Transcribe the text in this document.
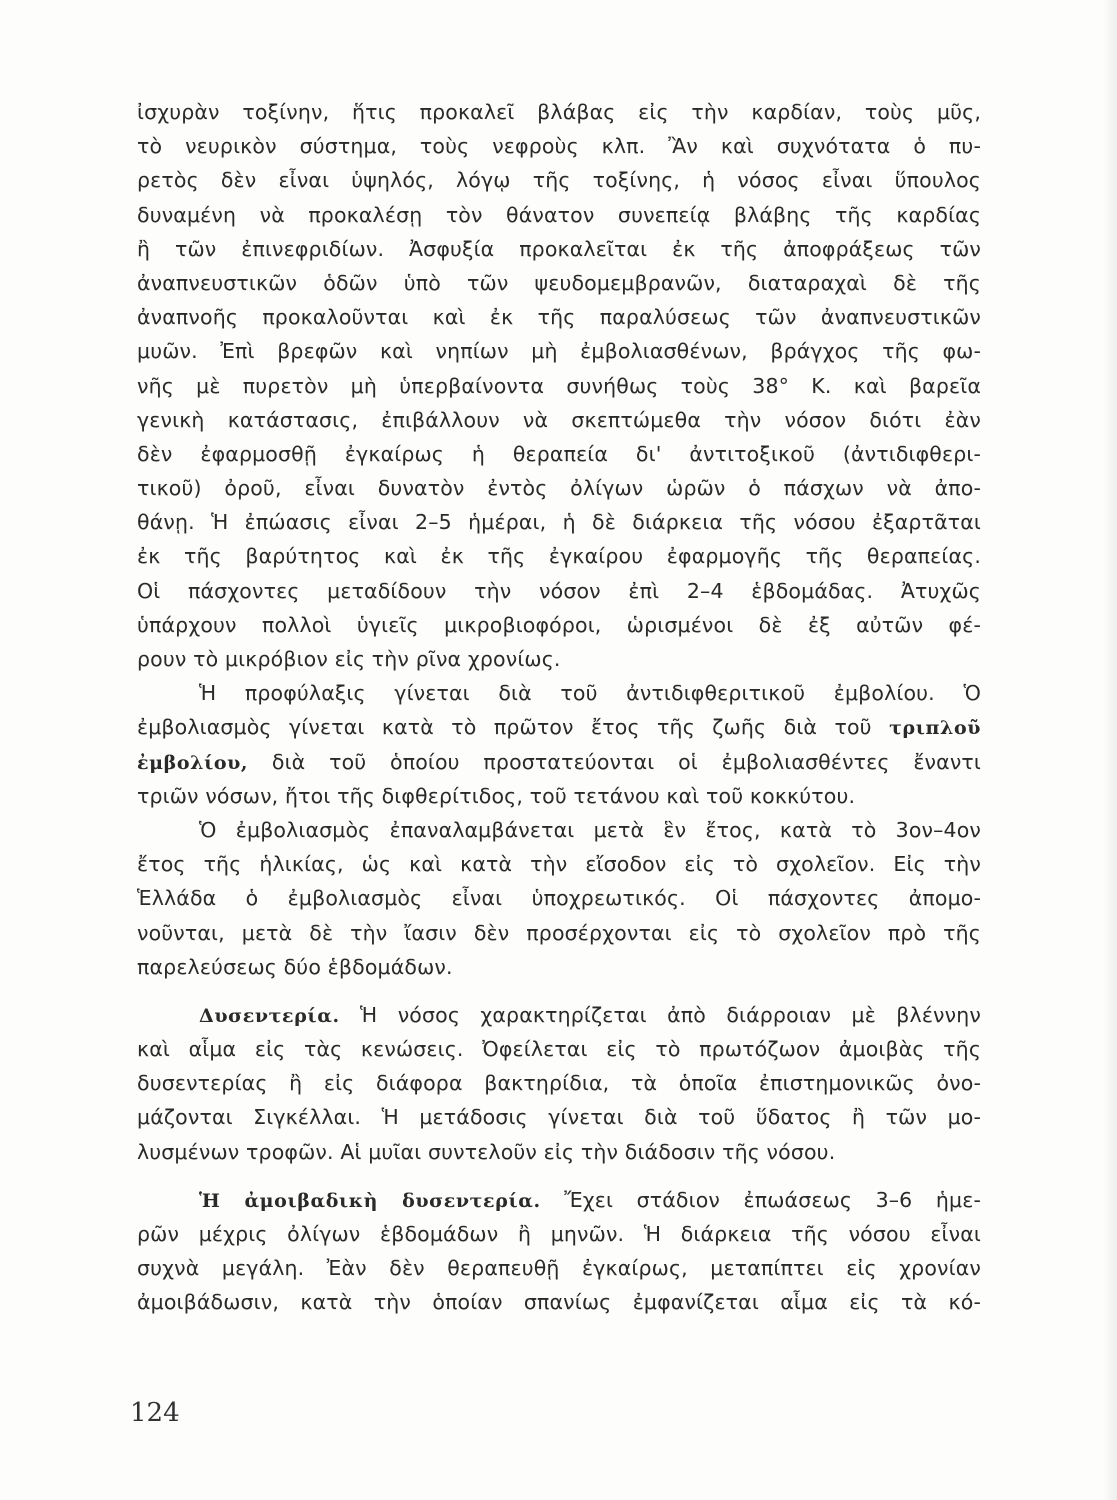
ἰσχυρὰν τοξίνην, ἥτις προκαλεῖ βλάβας εἰς τὴν καρδίαν, τοὺς μῦς,
τὸ νευρικὸν σύστημα, τοὺς νεφροὺς κλπ. Ἂν καὶ συχνότατα ὁ πυ-
ρετὸς δὲν εἶναι ὑψηλός, λόγῳ τῆς τοξίνης, ἡ νόσος εἶναι ὕπουλος
δυναμένη νὰ προκαλέσῃ τὸν θάνατον συνεπείᾳ βλάβης τῆς καρδίας
ἢ τῶν ἐπινεφριδίων. Ἀσφυξία προκαλεῖται ἐκ τῆς ἀποφράξεως τῶν
ἀναπνευστικῶν ὁδῶν ὑπὸ τῶν ψευδομεμβρανῶν, διαταραχαὶ δὲ τῆς
ἀναπνοῆς προκαλοῦνται καὶ ἐκ τῆς παραλύσεως τῶν ἀναπνευστικῶν
μυῶν. Ἐπὶ βρεφῶν καὶ νηπίων μὴ ἐμβολιασθένων, βράγχος τῆς φω-
νῆς μὲ πυρετὸν μὴ ὑπερβαίνοντα συνήθως τοὺς 38° Κ. καὶ βαρεῖα
γενικὴ κατάστασις, ἐπιβάλλουν νὰ σκεπτώμεθα τὴν νόσον διότι ἐὰν
δὲν ἐφαρμοσθῇ ἐγκαίρως ἡ θεραπεία δι' ἀντιτοξικοῦ (ἀντιδιφθερι-
τικοῦ) ὀροῦ, εἶναι δυνατὸν ἐντὸς ὀλίγων ὡρῶν ὁ πάσχων νὰ ἀπο-
θάνῃ. Ἡ ἐπώασις εἶναι 2–5 ἡμέραι, ἡ δὲ διάρκεια τῆς νόσου ἐξαρτᾶται
ἐκ τῆς βαρύτητος καὶ ἐκ τῆς ἐγκαίρου ἐφαρμογῆς τῆς θεραπείας.
Οἱ πάσχοντες μεταδίδουν τὴν νόσον ἐπὶ 2–4 ἑβδομάδας. Ἀτυχῶς
ὑπάρχουν πολλοὶ ὑγιεῖς μικροβιοφόροι, ὡρισμένοι δὲ ἐξ αὐτῶν φέ-
ρουν τὸ μικρόβιον εἰς τὴν ρῖνα χρονίως.
Ἡ προφύλαξις γίνεται διὰ τοῦ ἀντιδιφθεριτικοῦ ἐμβολίου. Ὁ
ἐμβολιασμὸς γίνεται κατὰ τὸ πρῶτον ἔτος τῆς ζωῆς διὰ τοῦ τριπλοῦ
ἐμβολίου, διὰ τοῦ ὁποίου προστατεύονται οἱ ἐμβολιασθέντες ἔναντι
τριῶν νόσων, ἤτοι τῆς διφθερίτιδος, τοῦ τετάνου καὶ τοῦ κοκκύτου.
Ὁ ἐμβολιασμὸς ἐπαναλαμβάνεται μετὰ ἓν ἔτος, κατὰ τὸ 3ον–4ον
ἔτος τῆς ἡλικίας, ὡς καὶ κατὰ τὴν εἴσοδον εἰς τὸ σχολεῖον. Εἰς τὴν
Ἑλλάδα ὁ ἐμβολιασμὸς εἶναι ὑποχρεωτικός. Οἱ πάσχοντες ἀπομο-
νοῦνται, μετὰ δὲ τὴν ἴασιν δὲν προσέρχονται εἰς τὸ σχολεῖον πρὸ τῆς
παρελεύσεως δύο ἑβδομάδων.
Δυσεντερία. Ἡ νόσος χαρακτηρίζεται ἀπὸ διάρροιαν μὲ βλέννην
καὶ αἷμα εἰς τὰς κενώσεις. Ὀφείλεται εἰς τὸ πρωτόζωον ἀμοιβὰς τῆς
δυσεντερίας ἢ εἰς διάφορα βακτηρίδια, τὰ ὁποῖα ἐπιστημονικῶς ὀνο-
μάζονται Σιγκέλλαι. Ἡ μετάδοσις γίνεται διὰ τοῦ ὕδατος ἢ τῶν μο-
λυσμένων τροφῶν. Αἱ μυῖαι συντελοῦν εἰς τὴν διάδοσιν τῆς νόσου.
Ἡ ἀμοιβαδικὴ δυσεντερία. Ἔχει στάδιον ἐπωάσεως 3–6 ἡμε-
ρῶν μέχρις ὀλίγων ἑβδομάδων ἢ μηνῶν. Ἡ διάρκεια τῆς νόσου εἶναι
συχνὰ μεγάλη. Ἐὰν δὲν θεραπευθῇ ἐγκαίρως, μεταπίπτει εἰς χρονίαν
ἀμοιβάδωσιν, κατὰ τὴν ὁποίαν σπανίως ἐμφανίζεται αἷμα εἰς τὰ κό-
124
